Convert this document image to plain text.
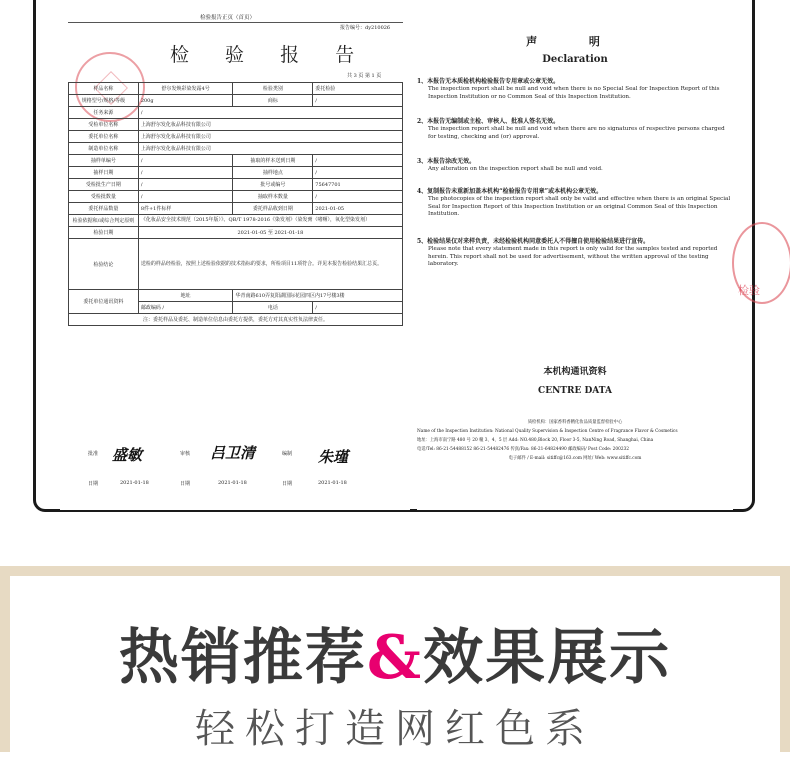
检验报告正页（首页）
报告编号：dy210026
检 验 报 告
共 3 页 第 1 页
样品名称	舒尔发焕彩染发霜4号	检验类别	委托检验
规格型号/规格/等级	200g	商标	/
任务来源	/		
受检单位名称	上海舒尔发化妆品科技有限公司		
委托单位名称	上海舒尔发化妆品科技有限公司		
制造单位名称	上海舒尔发化妆品科技有限公司		
抽样单编号	/	抽取的样本送到日期	/
抽样日期	/	抽样地点	/
受检批生产日期	/	批号或编号	75647701
受检批数量	/	抽取样本数量	/
委托样品数量	8件+1件标样	委托样品收到日期	2021-01-05
检验依据和/或综合判定原则	《化妆品安全技术规范（2015年版）》、QB/T 1978-2016《染发剂》（染发膏（啫喱），氧化型染发剂）		
检验日期	2021-01-05 至 2021-01-18		
检验结论	送检的样品经检验，按照上述检验依据的技术指标的要求，所检项目11项符合。详见本报告检验结果汇总页。		
委托单位通讯资料	地址	华青南路610弄复阳湖国际花园四区内17号楼3楼	
	邮政编码 /	电话	/
注：委托样品及委托、制造单位信息由委托方提供，委托方对其真实性负法律责任。			
批准 盛敏	审核 吕卫清	编制 朱瑾
日期	2021-01-18	日期	2021-01-18	日期	2021-01-18
声 明
Declaration
1、本报告无本质检机构检验报告专用章或公章无效。
The inspection report shall be null and void when there is no Special Seal for Inspection Report of this Inspection Institution or no Common Seal of this Inspection Institution.
2、本报告无编制或主检、审核人、批准人签名无效。
The inspection report shall be null and void when there are no signatures of respective persons charged for testing, checking and (or) approval.
3、本报告涂改无效。
Any alteration on the inspection report shall be null and void.
4、复制报告未重新加盖本机构“检验报告专用章”或本机构公章无效。
The photocopies of the inspection report shall only be valid and effective when there is an original Special Seal for Inspection Report of this Inspection Institution or an original Common Seal of this Inspection Institution.
5、检验结果仅对来样负责，未经检验机构同意委托人不得擅自使用检验结果进行宣传。
Please note that every statement made in this report is only valid for the samples tested and reported herein. This report shall not be used for advertisement, without the written approval of the testing laboratory.
本机构通讯资料
CENTRE DATA
质检机构：国家香料香精化妆品质量监督检验中心
Name of the Inspection Institution: National Quality Supervision & Inspection Centre of Fragrance Flavor & Cosmetics
地址：上海市南宁路 480 号 20 幢 3、4、5 层 Add: NO.480,Block 20, Floor 3-5, NanNing Road, Shanghai, China
电话/Tel: 86-21-54488152 86-21-54482476 传真/Fax: 86-21-64824490 邮政编码/ Post Code: 200232
电子邮件 / E-mail: sitiffc@163.com 网址/ Web: www.sitiffc.com
检验
热销推荐&效果展示
轻松打造网红色系
